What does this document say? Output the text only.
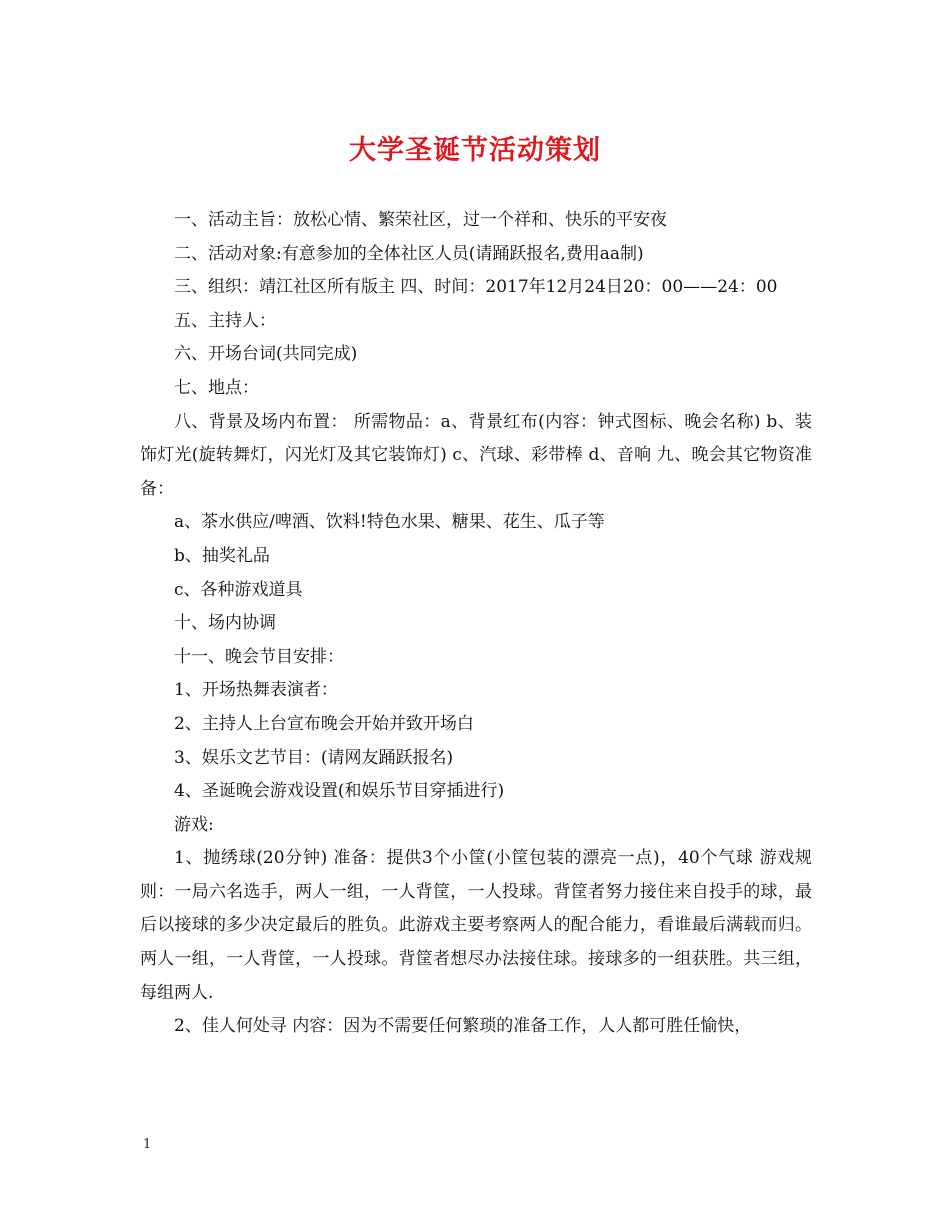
大学圣诞节活动策划

一、活动主旨：放松心情、繁荣社区，过一个祥和、快乐的平安夜

二、活动对象:有意参加的全体社区人员(请踊跃报名,费用aa制)

三、组织：靖江社区所有版主 四、时间：2017年12月24日20：00——24：00

五、主持人：

六、开场台词(共同完成)

七、地点：

八、背景及场内布置： 所需物品：a、背景红布(内容：钟式图标、晚会名称) b、装饰灯光(旋转舞灯，闪光灯及其它装饰灯) c、汽球、彩带棒 d、音响 九、晚会其它物资准备：

a、茶水供应/啤酒、饮料!特色水果、糖果、花生、瓜子等

b、抽奖礼品

c、各种游戏道具

十、场内协调

十一、晚会节目安排：

1、开场热舞表演者：

2、主持人上台宣布晚会开始并致开场白

3、娱乐文艺节目：(请网友踊跃报名)

4、圣诞晚会游戏设置(和娱乐节目穿插进行)

游戏:

1、抛绣球(20分钟) 准备：提供3个小筐(小筐包装的漂亮一点)，40个气球 游戏规则：一局六名选手，两人一组，一人背筐，一人投球。背筐者努力接住来自投手的球，最后以接球的多少决定最后的胜负。此游戏主要考察两人的配合能力，看谁最后满载而归。 两人一组，一人背筐，一人投球。背筐者想尽办法接住球。接球多的一组获胜。共三组，每组两人.

2、佳人何处寻 内容：因为不需要任何繁琐的准备工作，人人都可胜任愉快，

1
